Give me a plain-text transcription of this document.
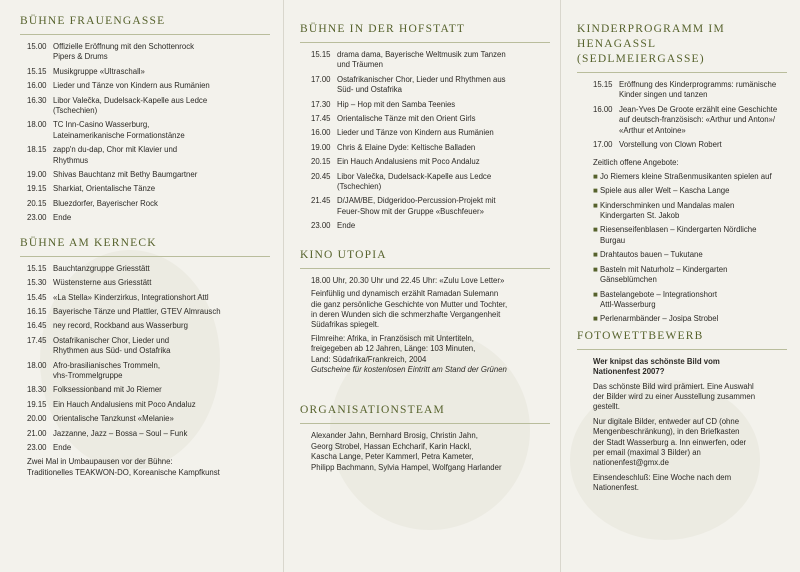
BÜHNE FRAUENGASSE
15.00 Offizielle Eröffnung mit den Schottenrock
Pipers & Drums
15.15 Musikgruppe «Ultraschall»
16.00 Lieder und Tänze von Kindern aus Rumänien
16.30 Libor Valečka, Dudelsack-Kapelle aus Ledce
(Tschechien)
18.00 TC Inn-Casino Wasserburg,
Lateinamerikanische Formationstänze
18.15 zapp'n du-dap, Chor mit Klavier und
Rhythmus
19.00 Shivas Bauchtanz mit Bethy Baumgartner
19.15 Sharkiat, Orientalische Tänze
20.15 Bluezdorfer, Bayerischer Rock
23.00 Ende
BÜHNE AM KERNECK
15.15 Bauchtanzgruppe Griesstätt
15.30 Wüstensterne aus Griesstätt
15.45 «La Stella» Kinderzirkus, Integrationshort Attl
16.15 Bayerische Tänze und Plattler, GTEV Almrausch
16.45 ney record, Rockband aus Wasserburg
17.45 Ostafrikanischer Chor, Lieder und
Rhythmen aus Süd- und Ostafrika
18.00 Afro-brasilianisches Trommeln,
vhs-Trommelgruppe
18.30 Folksessionband mit Jo Riemer
19.15 Ein Hauch Andalusiens mit Poco Andaluz
20.00 Orientalische Tanzkunst «Melanie»
21.00 Jazzanne, Jazz – Bossa – Soul – Funk
23.00 Ende
Zwei Mal in Umbaupausen vor der Bühne:
Traditionelles TEAKWON-DO, Koreanische Kampfkunst
BÜHNE IN DER HOFSTATT
15.15 drama dama, Bayerische Weltmusik zum Tanzen
und Träumen
17.00 Ostafrikanischer Chor, Lieder und Rhythmen aus
Süd- und Ostafrika
17.30 Hip – Hop mit den Samba Teenies
17.45 Orientalische Tänze mit den Orient Girls
16.00 Lieder und Tänze von Kindern aus Rumänien
19.00 Chris & Elaine Dyde: Keltische Balladen
20.15 Ein Hauch Andalusiens mit Poco Andaluz
20.45 Libor Valečka, Dudelsack-Kapelle aus Ledce
(Tschechien)
21.45 D/JAM/BE, Didgeridoo-Percussion-Projekt mit
Feuer-Show mit der Gruppe «Buschfeuer»
23.00 Ende
KINO UTOPIA
18.00 Uhr, 20.30 Uhr und 22.45 Uhr: «Zulu Love Letter»
Feinfühlig und dynamisch erzählt Ramadan Sulemann
die ganz persönliche Geschichte von Mutter und Tochter,
in deren Wunden sich die schmerzhafte Vergangenheit
Südafrikas spiegelt.
Filmreihe: Afrika, in Französisch mit Untertiteln,
freigegeben ab 12 Jahren, Länge: 103 Minuten,
Land: Südafrika/Frankreich, 2004
Gutscheine für kostenlosen Eintritt am Stand der Grünen
ORGANISATIONSTEAM
Alexander Jahn, Bernhard Brosig, Christin Jahn,
Georg Strobel, Hassan Echcharif, Karin Hackl,
Kascha Lange, Peter Kammerl, Petra Kameter,
Philipp Bachmann, Sylvia Hampel, Wolfgang Harlander
KINDERPROGRAMM IM HENAGASSL
(SEDLMEIERGASSE)
15.15 Eröffnung des Kinderprogramms: rumänische
Kinder singen und tanzen
16.00 Jean-Yves De Groote erzählt eine Geschichte
auf deutsch-französisch: «Arthur und Anton»/
«Arthur et Antoine»
17.00 Vorstellung von Clown Robert
Zeitlich offene Angebote:
■ Jo Riemers kleine Straßenmusikanten spielen auf
■ Spiele aus aller Welt – Kascha Lange
■ Kinderschminken und Mandalas malen
Kindergarten St. Jakob
■ Riesenseifenblasen – Kindergarten Nördliche
Burgau
■ Drahtautos bauen – Tukutane
■ Basteln mit Naturholz – Kindergarten
Gänseblümchen
■ Bastelangebote – Integrationshort
Attl-Wasserburg
■ Perlenarmbänder – Josipa Strobel
FOTOWETTBEWERB
Wer knipst das schönste Bild vom
Nationenfest 2007?
Das schönste Bild wird prämiert. Eine Auswahl
der Bilder wird zu einer Ausstellung zusammen
gestellt.
Nur digitale Bilder, entweder auf CD (ohne
Mengenbeschränkung), in den Briefkasten
der Stadt Wasserburg a. Inn einwerfen, oder
per email (maximal 3 Bilder) an
nationenfest@gmx.de
Einsendeschluß: Eine Woche nach dem
Nationenfest.
